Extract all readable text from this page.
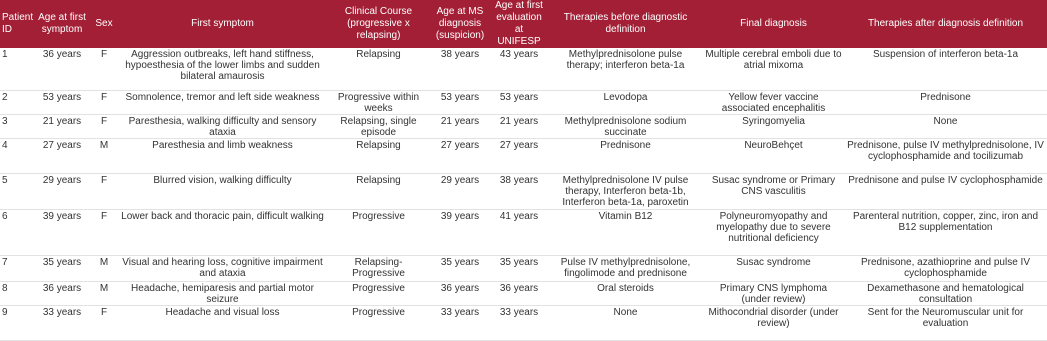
Patient ID	Age at first symptom	Sex	First symptom	Clinical Course (progressive x relapsing)	Age at MS diagnosis (suspicion)	Age at first evaluation at UNIFESP	Therapies before diagnostic definition	Final diagnosis	Therapies after diagnosis definition
1	36 years	F	Aggression outbreaks, left hand stiffness, hypoesthesia of the lower limbs and sudden bilateral amaurosis	Relapsing	38 years	43 years	Methylprednisolone pulse therapy; interferon beta-1a	Multiple cerebral emboli due to atrial mixoma	Suspension of interferon beta-1a
2	53 years	F	Somnolence, tremor and left side weakness	Progressive within weeks	53 years	53 years	Levodopa	Yellow fever vaccine associated encephalitis	Prednisone
3	21 years	F	Paresthesia, walking difficulty and sensory ataxia	Relapsing, single episode	21 years	21 years	Methylprednisolone sodium succinate	Syringomyelia	None
4	27 years	M	Paresthesia and limb weakness	Relapsing	27 years	27 years	Prednisone	NeuroBehçet	Prednisone, pulse IV methylprednisolone, IV cyclophosphamide and tocilizumab
5	29 years	F	Blurred vision, walking difficulty	Relapsing	29 years	38 years	Methylprednisolone IV pulse therapy, Interferon beta-1b, Interferon beta-1a, paroxetin	Susac syndrome or Primary CNS vasculitis	Prednisone and pulse IV cyclophosphamide
6	39 years	F	Lower back and thoracic pain, difficult walking	Progressive	39 years	41 years	Vitamin B12	Polyneuromyopathy and myelopathy due to severe nutritional deficiency	Parenteral nutrition, copper, zinc, iron and B12 supplementation
7	35 years	M	Visual and hearing loss, cognitive impairment and ataxia	Relapsing-Progressive	35 years	35 years	Pulse IV methylprednisolone, fingolimode and prednisone	Susac syndrome	Prednisone, azathioprine and pulse IV cyclophosphamide
8	36 years	M	Headache, hemiparesis and partial motor seizure	Progressive	36 years	36 years	Oral steroids	Primary CNS lymphoma (under review)	Dexamethasone and hematological consultation
9	33 years	F	Headache and visual loss	Progressive	33 years	33 years	None	Mithocondrial disorder (under review)	Sent for the Neuromuscular unit for evaluation
